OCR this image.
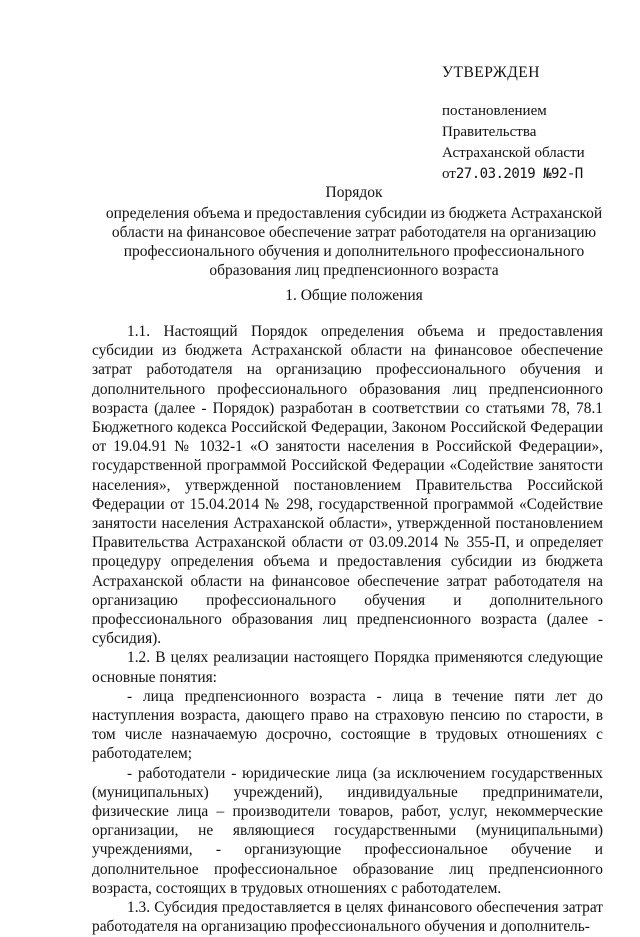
УТВЕРЖДЕН
постановлением
Правительства
Астраханской области
от27.03.2019 №92-П
Порядок
определения объема и предоставления субсидии из бюджета Астраханской области на финансовое обеспечение затрат работодателя на организацию профессионального обучения и дополнительного профессионального образования лиц предпенсионного возраста
1. Общие положения

1.1. Настоящий Порядок определения объема и предоставления субсидии из бюджета Астраханской области на финансовое обеспечение затрат работодателя на организацию профессионального обучения и дополнительного профессионального образования лиц предпенсионного возраста (далее - Порядок) разработан в соответствии со статьями 78, 78.1 Бюджетного кодекса Российской Федерации, Законом Российской Федерации от 19.04.91 № 1032-1 «О занятости населения в Российской Федерации», государственной программой Российской Федерации «Содействие занятости населения», утвержденной постановлением Правительства Российской Федерации от 15.04.2014 № 298, государственной программой «Содействие занятости населения Астраханской области», утвержденной постановлением Правительства Астраханской области от 03.09.2014 № 355-П, и определяет процедуру определения объема и предоставления субсидии из бюджета Астраханской области на финансовое обеспечение затрат работодателя на организацию профессионального обучения и дополнительного профессионального образования лиц предпенсионного возраста (далее - субсидия).

1.2. В целях реализации настоящего Порядка применяются следующие основные понятия:

- лица предпенсионного возраста - лица в течение пяти лет до наступления возраста, дающего право на страховую пенсию по старости, в том числе назначаемую досрочно, состоящие в трудовых отношениях с работодателем;

- работодатели - юридические лица (за исключением государственных (муниципальных) учреждений), индивидуальные предприниматели, физические лица – производители товаров, работ, услуг, некоммерческие организации, не являющиеся государственными (муниципальными) учреждениями, - организующие профессиональное обучение и дополнительное профессиональное образование лиц предпенсионного возраста, состоящих в трудовых отношениях с работодателем.

1.3. Субсидия предоставляется в целях финансового обеспечения затрат работодателя на организацию профессионального обучения и дополнитель-
